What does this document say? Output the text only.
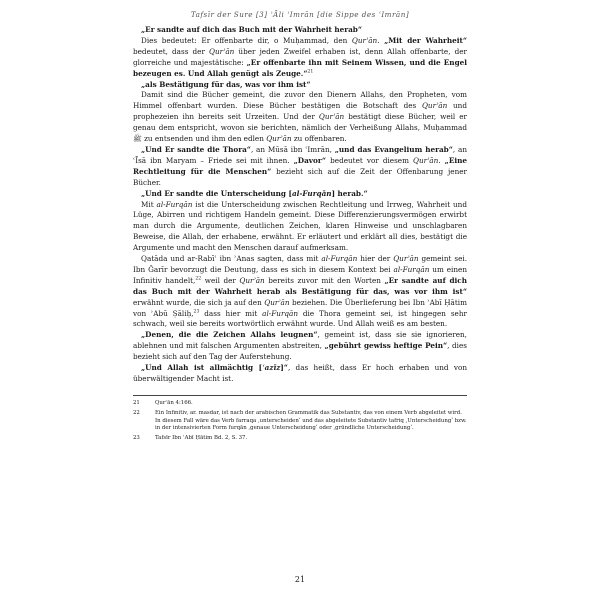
Tafsīr der Sure [3] ʾĀli ʿImrān [die Sippe des ʿImrān]

„Er sandte auf dich das Buch mit der Wahrheit herab“

Dies bedeutet: Er offenbarte dir, o Muḥammad, den Qurʾān. „Mit der Wahrheit“ bedeutet, dass der Qurʾān über jeden Zweifel erhaben ist, denn Allah offenbarte, der glorreiche und majestätische: „Er offenbarte ihn mit Seinem Wissen, und die Engel bezeugen es. Und Allah genügt als Zeuge.“$^{21}$

„als Bestätigung für das, was vor ihm ist“

Damit sind die Bücher gemeint, die zuvor den Dienern Allahs, den Propheten, vom Himmel offenbart wurden. Diese Bücher bestätigen die Botschaft des Qurʾān und prophezeien ihn bereits seit Urzeiten. Und der Qurʾān bestätigt diese Bücher, weil er genau dem entspricht, wovon sie berichten, nämlich der Verheißung Allahs, Muḥammad ﷺ zu entsenden und ihm den edlen Qurʾān zu offenbaren.

„Und Er sandte die Thora“, an Mūsā ibn ʿImrān, „und das Evangelium herab“, an ʿĪsā ibn Maryam – Friede sei mit ihnen. „Davor“ bedeutet vor diesem Qurʾān. „Eine Rechtleitung für die Menschen“ bezieht sich auf die Zeit der Offenbarung jener Bücher.

„Und Er sandte die Unterscheidung [al-Furqān] herab.“

Mit al-Furqān ist die Unterscheidung zwischen Rechtleitung und Irrweg, Wahrheit und Lüge, Abirren und richtigem Handeln gemeint. Diese Differenzierungsvermögen erwirbt man durch die Argumente, deutlichen Zeichen, klaren Hinweise und unschlagbaren Beweise, die Allah, der erhabene, erwähnt. Er erläutert und erklärt all dies, bestätigt die Argumente und macht den Menschen darauf aufmerksam.

Qatāda und ar-Rabīʿ ibn ʾAnas sagten, dass mit al-Furqān hier der Qurʾān gemeint sei. Ibn Ǧarīr bevorzugt die Deutung, dass es sich in diesem Kontext bei al-Furqān um einen Infinitiv handelt,$^{22}$ weil der Qurʾān bereits zuvor mit den Worten „Er sandte auf dich das Buch mit der Wahrheit herab als Bestätigung für das, was vor ihm ist“ erwähnt wurde, die sich ja auf den Qurʾān beziehen. Die Überlieferung bei Ibn ʾAbī Ḥātim von ʾAbū Ṣāliḥ,$^{23}$ dass hier mit al-Furqān die Thora gemeint sei, ist hingegen sehr schwach, weil sie bereits wortwörtlich erwähnt wurde. Und Allah weiß es am besten.

„Denen, die die Zeichen Allahs leugnen“, gemeint ist, dass sie sie ignorieren, ablehnen und mit falschen Argumenten abstreiten, „gebührt gewiss heftige Pein“, dies bezieht sich auf den Tag der Auferstehung.

„Und Allah ist allmächtig [ʿazīz]“, das heißt, dass Er hoch erhaben und von überwältigender Macht ist.

21	Qurʾān 4:166.
22	Ein Infinitiv, ar. masdar, ist nach der arabischen Grammatik das Substantiv, das von einem Verb abgeleitet wird. In diesem Fall wäre das Verb farraqa ‚unterscheiden‘ und das abgeleitete Substantiv tafriq ‚Unterscheidung‘ bzw. in der intensivierten Form furqān ‚genaue Unterscheidung‘ oder ‚gründliche Unterscheidung‘.
23	Tafsīr Ibn ʾAbī Ḥātim Bd. 2, S. 37.
21
